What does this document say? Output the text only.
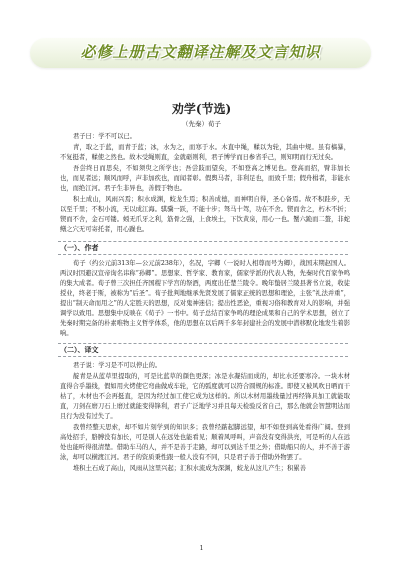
必修上册古文翻译注解及文言知识
劝学(节选)
（先秦）荀子

君子曰：学不可以已。

青，取之于蓝，而青于蓝；冰，水为之，而寒于水。木直中绳，輮以为轮，其曲中规。虽有槁暴，不复挺者，輮使之然也。故木受绳则直，金就砺则利，君子博学而日参省乎己，则知明而行无过矣。

吾尝终日而思矣，不如须臾之所学也；吾尝跂而望矣，不如登高之博见也。登高而招，臂非加长也，而见者远；顺风而呼，声非加疾也，而闻者彰。假舆马者，非利足也，而致千里；假舟楫者，非能水也，而绝江河。君子生非异也，善假于物也。

积土成山，风雨兴焉；积水成渊，蛟龙生焉；积善成德，而神明自得，圣心备焉。故不积跬步，无以至千里；不积小流，无以成江海。骐骥一跃，不能十步；驽马十驾，功在不舍。锲而舍之，朽木不折；锲而不舍，金石可镂。蚓无爪牙之利，筋骨之强，上食埃土，下饮黄泉，用心一也。蟹六跪而二螯，非蛇鳝之穴无可寄托者，用心躁也。

（一）、作者

荀子（约公元前313年—公元前238年），名况，字卿（一说时人相尊而号为卿），战国末期赵国人。两汉时因避汉宣帝询名讳称“孙卿”。思想家、哲学家、教育家，儒家学派的代表人物，先秦时代百家争鸣的集大成者。荀子曾三次担任齐国稷下学宫的祭酒，两度出任楚兰陵令。晚年蛰居兰陵县著书立说，收徒授业，终老于斯，被称为“后圣”。荀子批判地继承先贤发展了儒家正统的思想和理论，主张“礼法并重”，提出“制天命而用之”的人定胜天的思想，反对鬼神迷信；提出性恶论，重视习俗和教育对人的影响，并强调学以致用。思想集中反映在《荀子》一书中。荀子总结百家争鸣的理论成果和自己的学术思想，创立了先秦时期完备的朴素唯物主义哲学体系，他的思想在以后两千多年封建社会的发展中潜移默化地发生着影响。

（二）、译文

君子说：学习是不可以停止的。

靛青是从蓝草里提取的，可是比蓝草的颜色更深；冰是水凝结而成的，却比水还要寒冷。一块木材直得合乎墨线，假如用火烤使它弯曲做成车轮，它的弧度就可以符合圆规的标准。即使又被风吹日晒而干枯了，木材也不会再挺直，是因为经过加工使它成为这样的。所以木材用墨线量过再经锋具加工就能取直，刀剑在磨刀石上磨过就能变得锋利，君子广泛地学习并且每天检验反省自己，那么他就会智慧明达而且行为没有过失了。

我曾经整天思索，却不如片刻学到的知识多；我曾经踮起脚远望，却不如登到高处看得广阔。登到高处招手，胳膊没有加长，可是别人在远处也能看见；顺着风呼叫，声音没有变得洪亮，可是听的人在远处也能听得很清楚。借助车马的人，并不是善于走路，却可以到达千里之外；借助船只的人，并不善于游泳，却可以横渡江河。君子的资质秉性跟一般人没有不同，只是君子善于借助外物罢了。

堆积土石成了高山，风雨从这里兴起；汇积水流成为深渊，蛟龙从这儿产生；积累善

1
